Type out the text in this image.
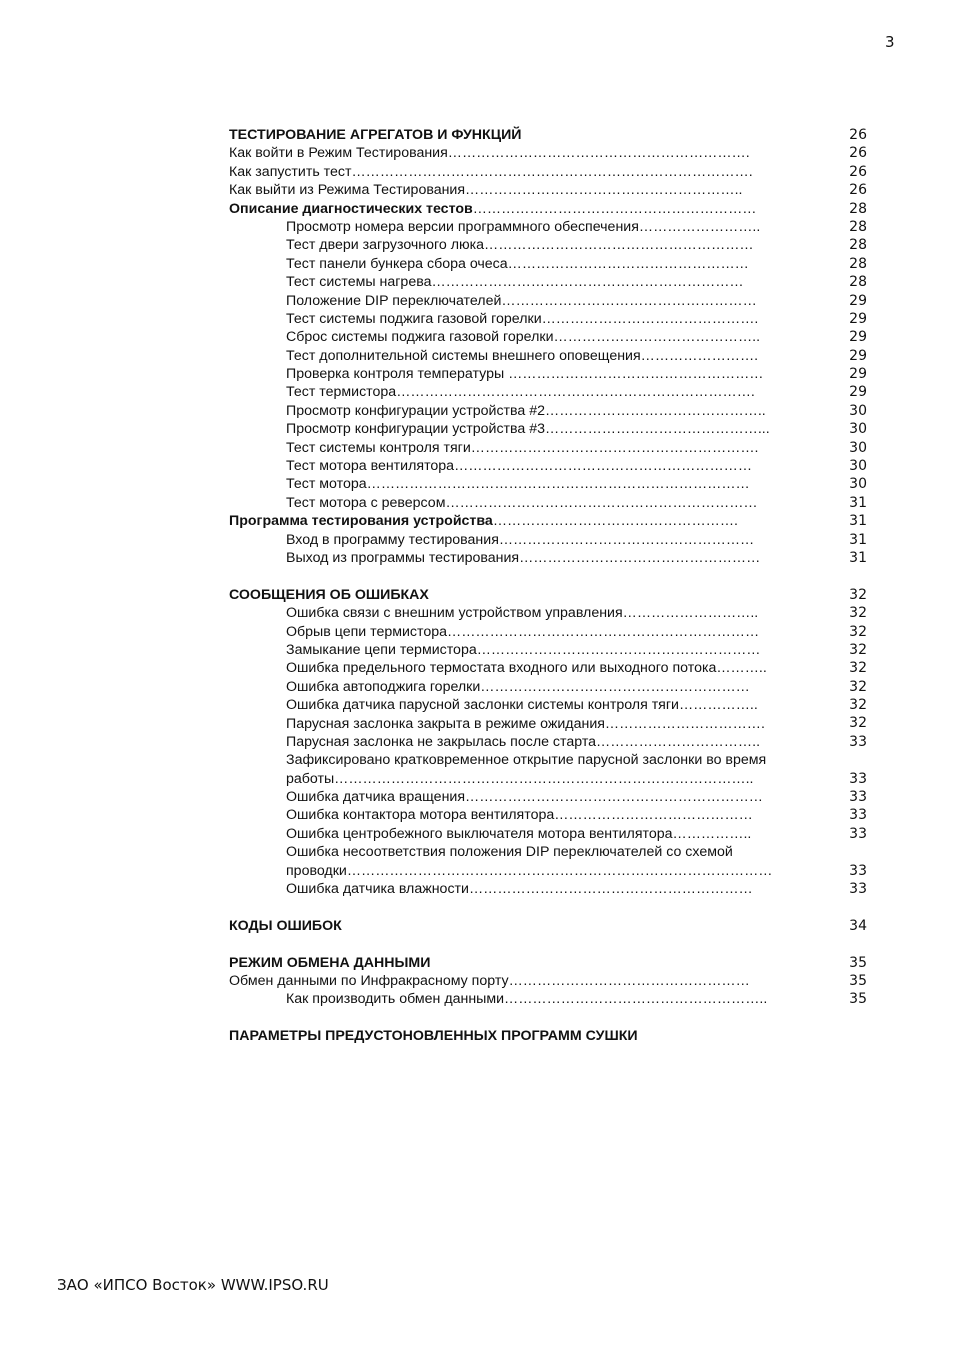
3
ТЕСТИРОВАНИЕ АГРЕГАТОВ И ФУНКЦИЙ	26
Как войти в Режим Тестирования……………………………………………………….	26
Как запустить тест………………………………………………………………………….	26
Как выйти из Режима Тестирования…………………………………………………..	26
Описание диагностических тестов……………………………………………………	28
Просмотр номера версии программного обеспечения……………………..	28
Тест двери загрузочного люка…………………………………………………	28
Тест панели бункера сбора очеса……………………………………………	28
Тест системы нагрева…………………………………………………………	28
Положение DIP переключателей………………………………………………	29
Тест системы поджига газовой горелки……………………………………….	29
Сброс системы поджига газовой горелки……………………………………..	29
Тест дополнительной системы внешнего оповещения…………………….	29
Проверка контроля температуры ………………………………………………	29
Тест термистора………………………………………………………………….	29
Просмотр конфигурации устройства #2………………………………………..	30
Просмотр конфигурации устройства #3………………………………………...	30
Тест системы контроля тяги…………………………………………………….	30
Тест мотора вентилятора………………………………………………………	30
Тест мотора………………………………………………………………………	30
Тест мотора с реверсом…………………………………………………………	31
Программа тестирования устройства…………………………………………….	31
Вход в программу тестирования………………………………………………	31
Выход из программы тестирования……………………………………………	31
СООБЩЕНИЯ ОБ ОШИБКАХ	32
Ошибка связи с внешним устройством управления………………………..	32
Обрыв цепи термистора…………………………………………………………	32
Замыкание цепи термистора……………………………………………………	32
Ошибка предельного термостата входного или выходного потока………..	32
Ошибка автоподжига горелки…………………………………………………	32
Ошибка датчика парусной заслонки системы контроля тяги……………..	32
Парусная заслонка закрыта в режиме ожидания…………………………….	32
Парусная заслонка не закрылась после старта……………………………..	33
Зафиксировано кратковременное открытие парусной заслонки во время работы……………………………………………………………………………..	33
Ошибка датчика вращения………………………………………………………	33
Ошибка контактора мотора вентилятора……………………………………	33
Ошибка центробежного выключателя мотора вентилятора……………..	33
Ошибка несоответствия положения DIP переключателей со схемой проводки………………………………………………………………………………	33
Ошибка датчика влажности……………………………………………………	33
КОДЫ ОШИБОК	34
РЕЖИМ ОБМЕНА ДАННЫМИ	35
Обмен данными по Инфракрасному порту……………………………………………	35
Как производить обмен данными………………………………………………..	35
ПАРАМЕТРЫ ПРЕДУСТОНОВЛЕННЫХ ПРОГРАММ СУШКИ
ЗАО «ИПСО Восток» WWW.IPSO.RU
